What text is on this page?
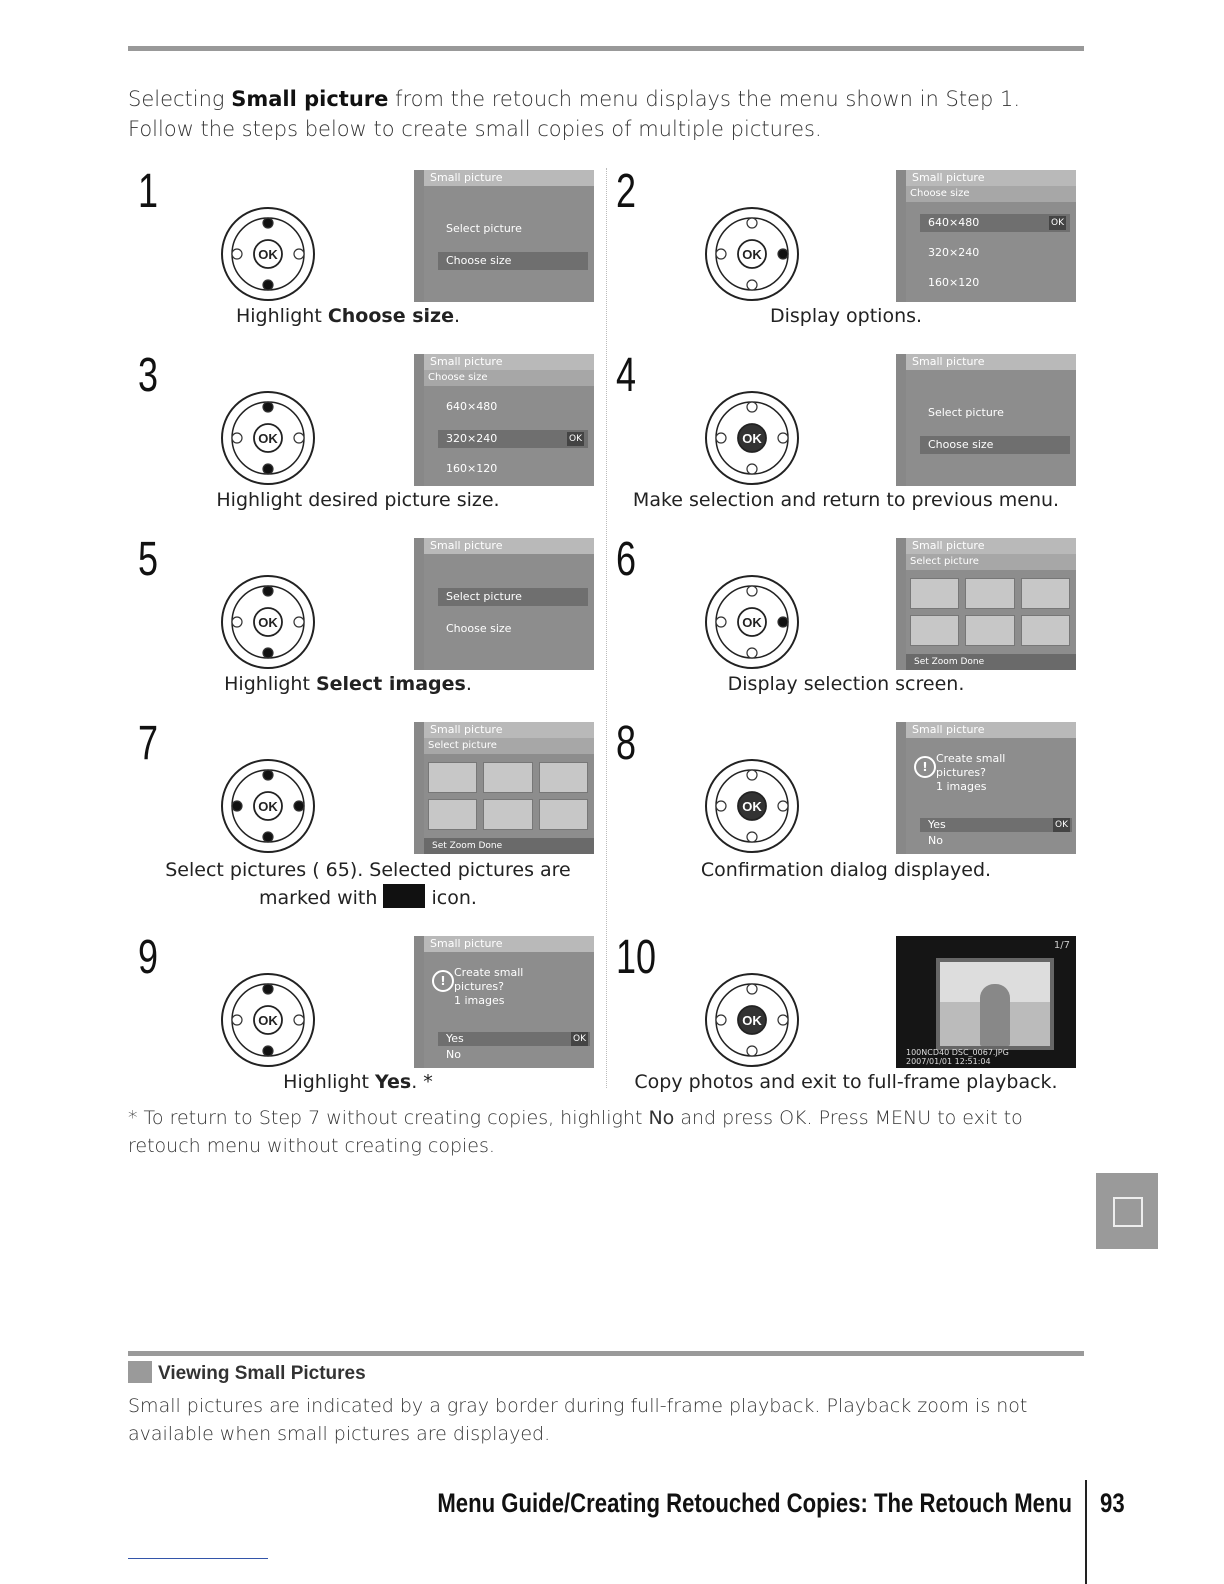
Selecting Small picture from the retouch menu displays the menu shown in Step 1. Follow the steps below to create small copies of multiple pictures.
1
OK
Small picture
Select picture
Choose size
Highlight Choose size.
2
OK
Small picture
Choose size
640×480	OK
320×240
160×120
Display options.
3
OK
Small picture
Choose size
640×480
320×240	OK
160×120
Highlight desired picture size.
4
OK
Small picture
Select picture
Choose size
Make selection and return to previous menu.
5
OK
Small picture
Select picture
Choose size
Highlight Select images.
6
OK
Small picture
Select picture
Set Zoom Done
Display selection screen.
7
OK
Small picture
Select picture
Set Zoom Done
Select pictures ( 65). Selected pictures are
marked with  icon.
8
OK
Small picture
!
Create small
pictures?
1 images
Yes	OK
No
Confirmation dialog displayed.
9
OK
Small picture
!
Create small
pictures?
1 images
Yes	OK
No
Highlight Yes. *
10
OK
1/7
100NCD40 DSC_0067.JPG
2007/01/01 12:51:04
Copy photos and exit to full-frame playback.
* To return to Step 7 without creating copies, highlight No and press OK. Press MENU to exit to retouch menu without creating copies.
Viewing Small Pictures
Small pictures are indicated by a gray border during full-frame playback. Playback zoom is not available when small pictures are displayed.
Menu Guide/Creating Retouched Copies: The Retouch Menu 93
